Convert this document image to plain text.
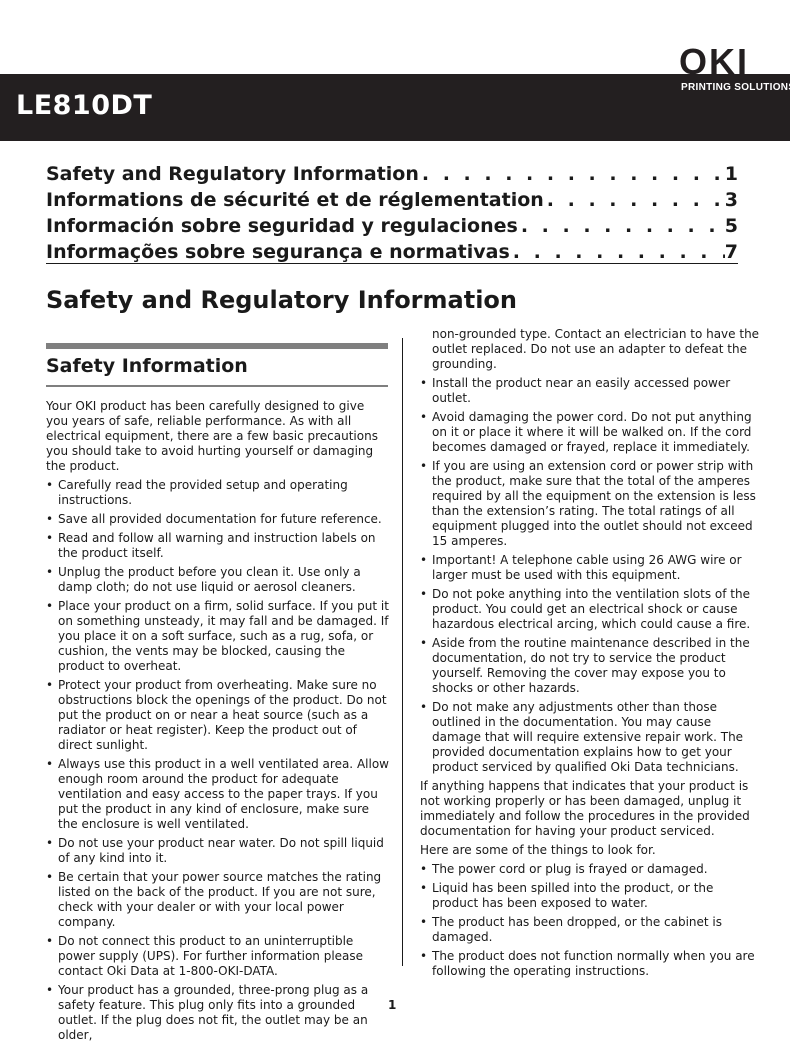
LE810DT
OKI
PRINTING SOLUTIONS
Safety and Regulatory Information . . .	1
Informations de sécurité et de réglementation . . .	3
Información sobre seguridad y regulaciones . . .	5
Informações sobre segurança e normativas . . .	7
Safety and Regulatory Information
Safety Information

Your OKI product has been carefully designed to give you years of safe, reliable performance. As with all electrical equipment, there are a few basic precautions you should take to avoid hurting yourself or damaging the product.

• Carefully read the provided setup and operating instructions.
• Save all provided documentation for future reference.
• Read and follow all warning and instruction labels on the product itself.
• Unplug the product before you clean it. Use only a damp cloth; do not use liquid or aerosol cleaners.
• Place your product on a firm, solid surface. If you put it on something unsteady, it may fall and be damaged. If you place it on a soft surface, such as a rug, sofa, or cushion, the vents may be blocked, causing the product to overheat.
• Protect your product from overheating. Make sure no obstructions block the openings of the product. Do not put the product on or near a heat source (such as a radiator or heat register). Keep the product out of direct sunlight.
• Always use this product in a well ventilated area. Allow enough room around the product for adequate ventilation and easy access to the paper trays. If you put the product in any kind of enclosure, make sure the enclosure is well ventilated.
• Do not use your product near water. Do not spill liquid of any kind into it.
• Be certain that your power source matches the rating listed on the back of the product. If you are not sure, check with your dealer or with your local power company.
• Do not connect this product to an uninterruptible power supply (UPS). For further information please contact Oki Data at 1-800-OKI-DATA.
• Your product has a grounded, three-prong plug as a safety feature. This plug only fits into a grounded outlet. If the plug does not fit, the outlet may be an older,
non-grounded type. Contact an electrician to have the outlet replaced. Do not use an adapter to defeat the grounding.
• Install the product near an easily accessed power outlet.
• Avoid damaging the power cord. Do not put anything on it or place it where it will be walked on. If the cord becomes damaged or frayed, replace it immediately.
• If you are using an extension cord or power strip with the product, make sure that the total of the amperes required by all the equipment on the extension is less than the extension’s rating. The total ratings of all equipment plugged into the outlet should not exceed 15 amperes.
• Important! A telephone cable using 26 AWG wire or larger must be used with this equipment.
• Do not poke anything into the ventilation slots of the product. You could get an electrical shock or cause hazardous electrical arcing, which could cause a fire.
• Aside from the routine maintenance described in the documentation, do not try to service the product yourself. Removing the cover may expose you to shocks or other hazards.
• Do not make any adjustments other than those outlined in the documentation. You may cause damage that will require extensive repair work. The provided documentation explains how to get your product serviced by qualified Oki Data technicians.

If anything happens that indicates that your product is not working properly or has been damaged, unplug it immediately and follow the procedures in the provided documentation for having your product serviced.

Here are some of the things to look for.

• The power cord or plug is frayed or damaged.
• Liquid has been spilled into the product, or the product has been exposed to water.
• The product has been dropped, or the cabinet is damaged.
• The product does not function normally when you are following the operating instructions.
1
